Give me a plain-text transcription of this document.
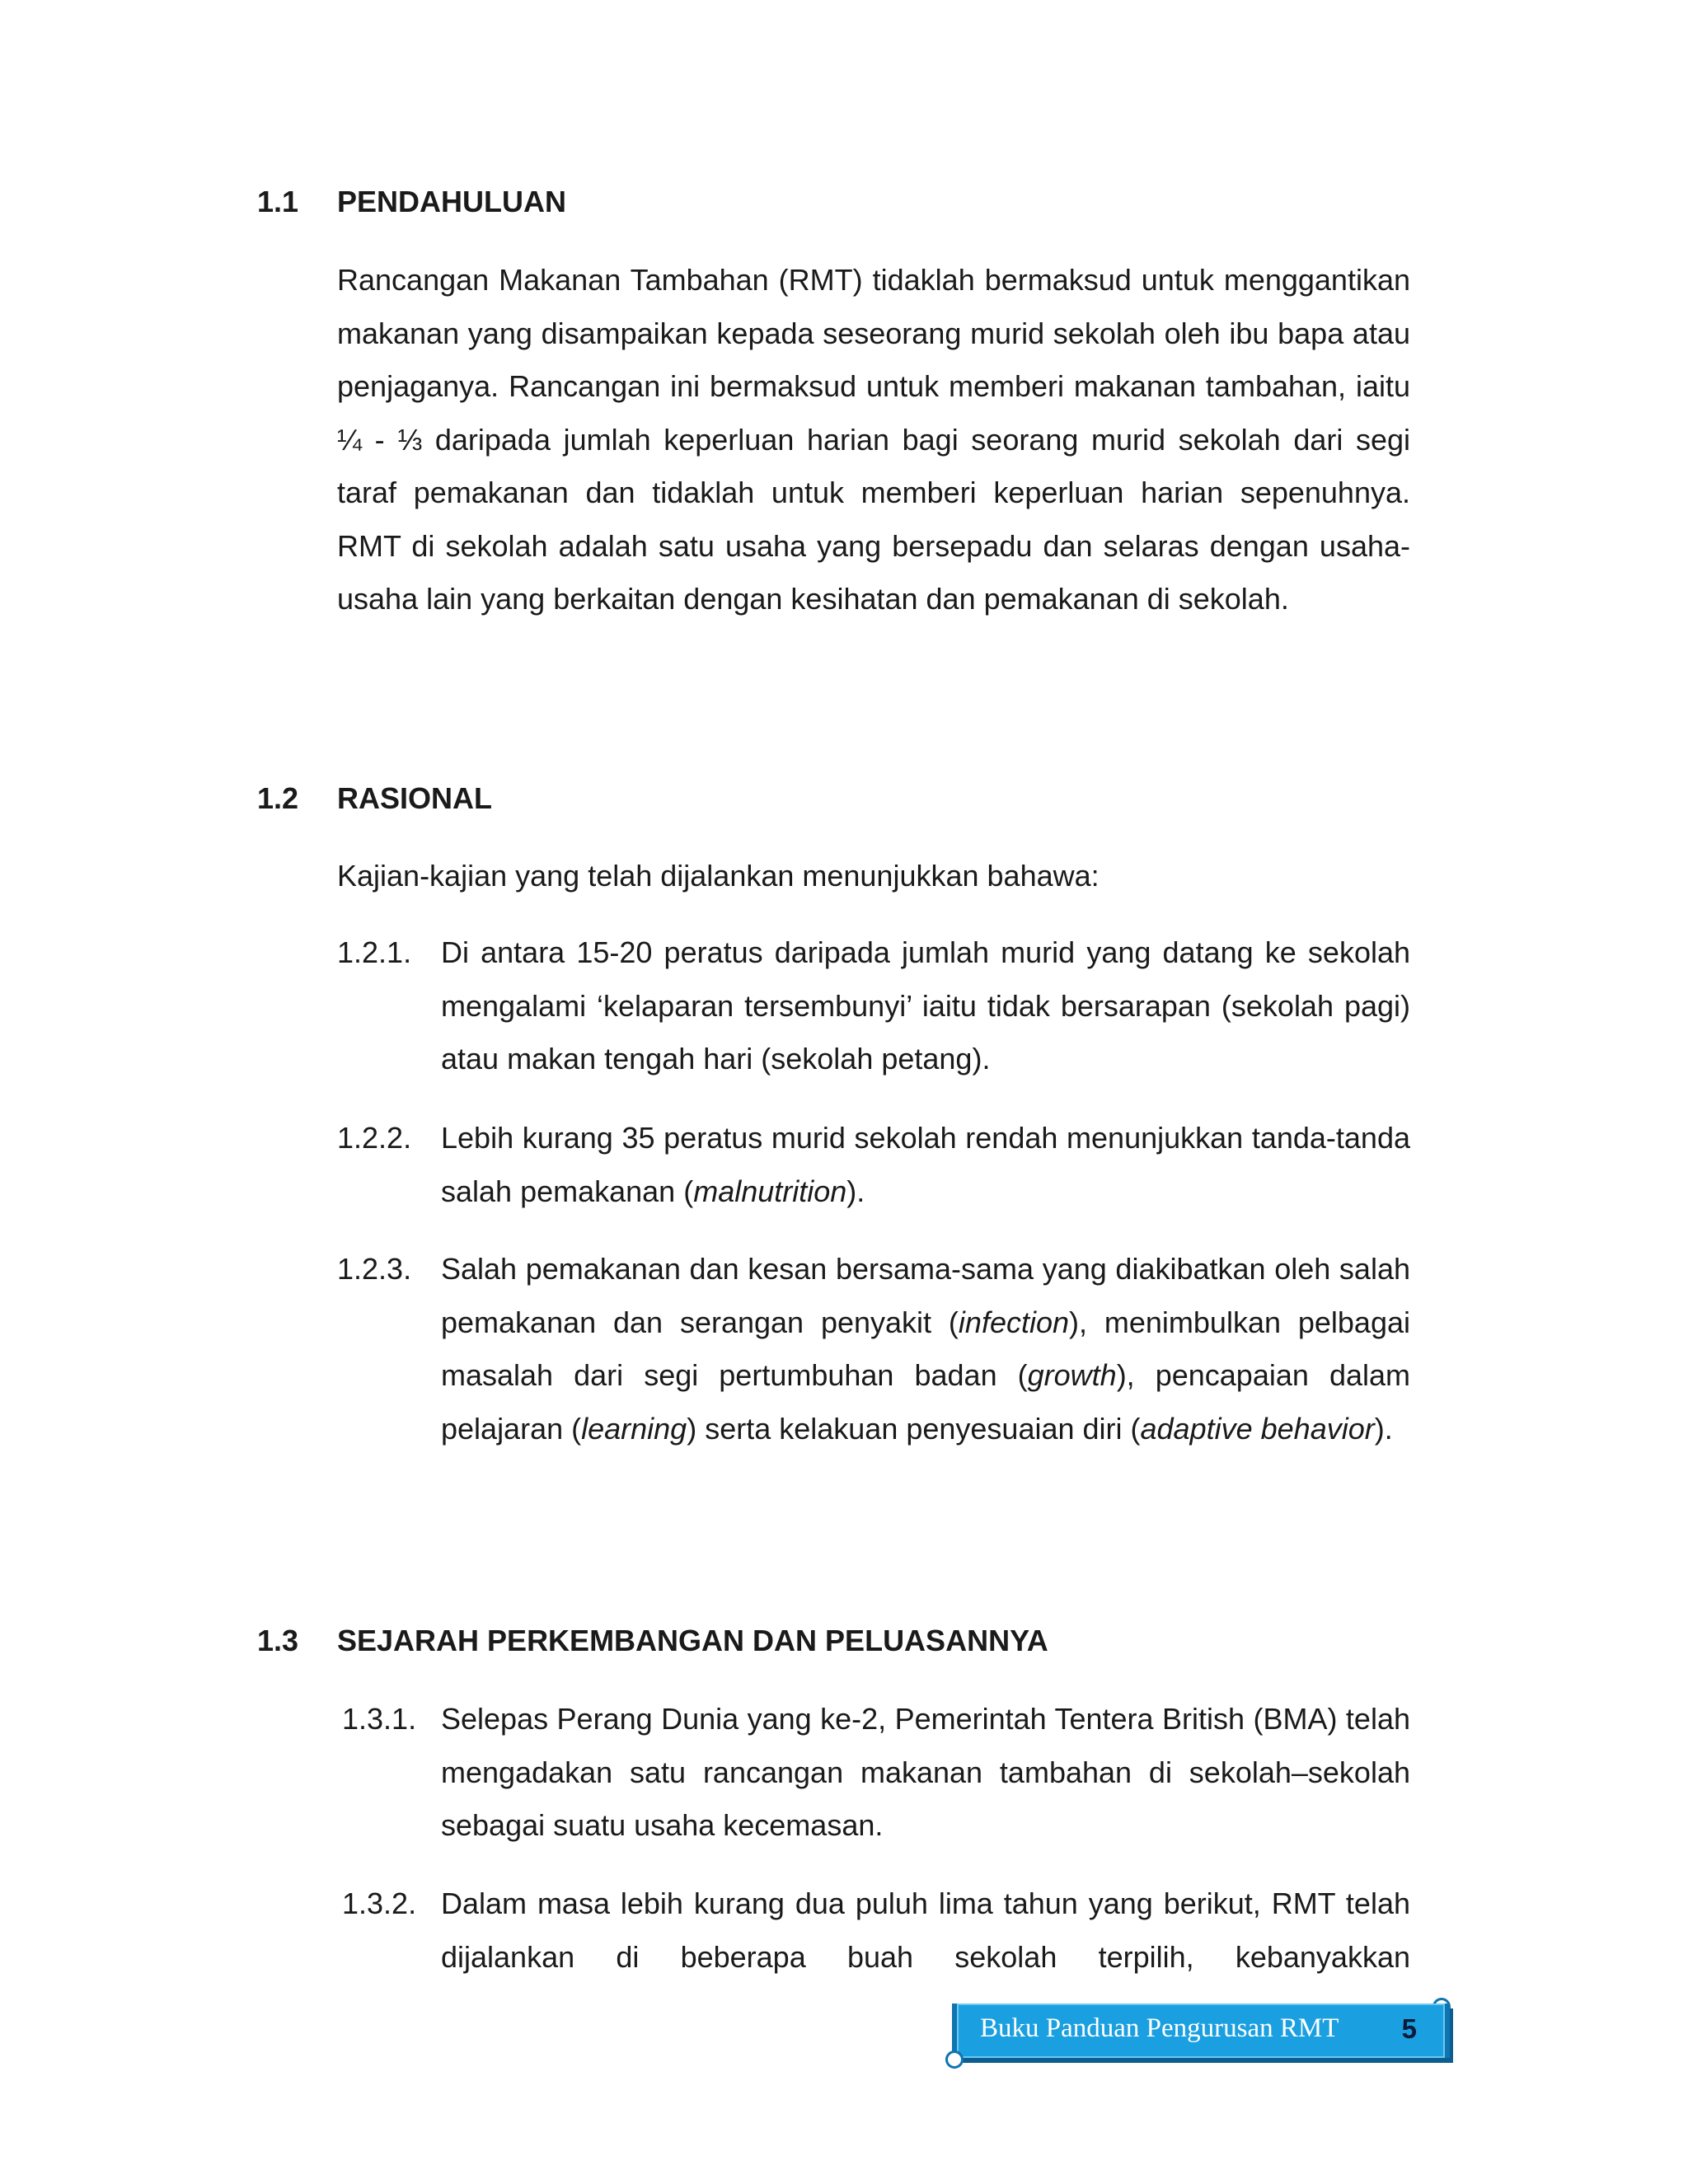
1.1 PENDAHULUAN
Rancangan Makanan Tambahan (RMT) tidaklah bermaksud untuk menggantikan makanan yang disampaikan kepada seseorang murid sekolah oleh ibu bapa atau penjaganya. Rancangan ini bermaksud untuk memberi makanan tambahan, iaitu ¼ - ⅓ daripada jumlah keperluan harian bagi seorang murid sekolah dari segi taraf pemakanan dan tidaklah untuk memberi keperluan harian sepenuhnya. RMT di sekolah adalah satu usaha yang bersepadu dan selaras dengan usaha-usaha lain yang berkaitan dengan kesihatan dan pemakanan di sekolah.
1.2 RASIONAL
Kajian-kajian yang telah dijalankan menunjukkan bahawa:
1.2.1. Di antara 15-20 peratus daripada jumlah murid yang datang ke sekolah mengalami ‘kelaparan tersembunyi’ iaitu tidak bersarapan (sekolah pagi) atau makan tengah hari (sekolah petang).
1.2.2. Lebih kurang 35 peratus murid sekolah rendah menunjukkan tanda-tanda salah pemakanan (malnutrition).
1.2.3. Salah pemakanan dan kesan bersama-sama yang diakibatkan oleh salah pemakanan dan serangan penyakit (infection), menimbulkan pelbagai masalah dari segi pertumbuhan badan (growth), pencapaian dalam pelajaran (learning) serta kelakuan penyesuaian diri (adaptive behavior).
1.3 SEJARAH PERKEMBANGAN DAN PELUASANNYA
1.3.1. Selepas Perang Dunia yang ke-2, Pemerintah Tentera British (BMA) telah mengadakan satu rancangan makanan tambahan di sekolah–sekolah sebagai suatu usaha kecemasan.
1.3.2. Dalam masa lebih kurang dua puluh lima tahun yang berikut, RMT telah dijalankan di beberapa buah sekolah terpilih, kebanyakkan
Buku Panduan Pengurusan RMT 5
